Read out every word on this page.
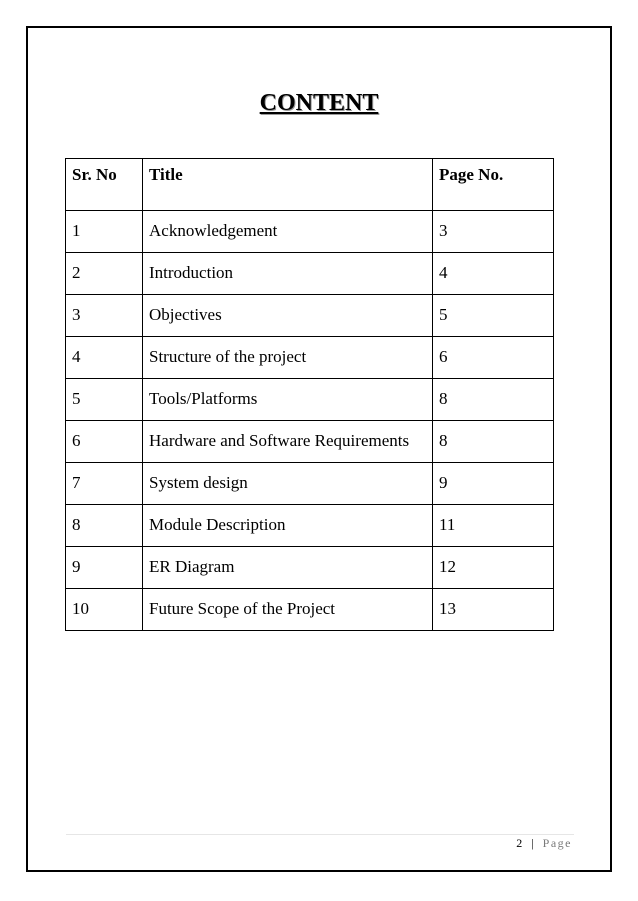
CONTENT
Sr. No	Title	Page No.
1	Acknowledgement	3
2	Introduction	4
3	Objectives	5
4	Structure of the project	6
5	Tools/Platforms	8
6	Hardware and Software Requirements	8
7	System design	9
8	Module Description	11
9	ER Diagram	12
10	Future Scope of the Project	13
2 | Page
